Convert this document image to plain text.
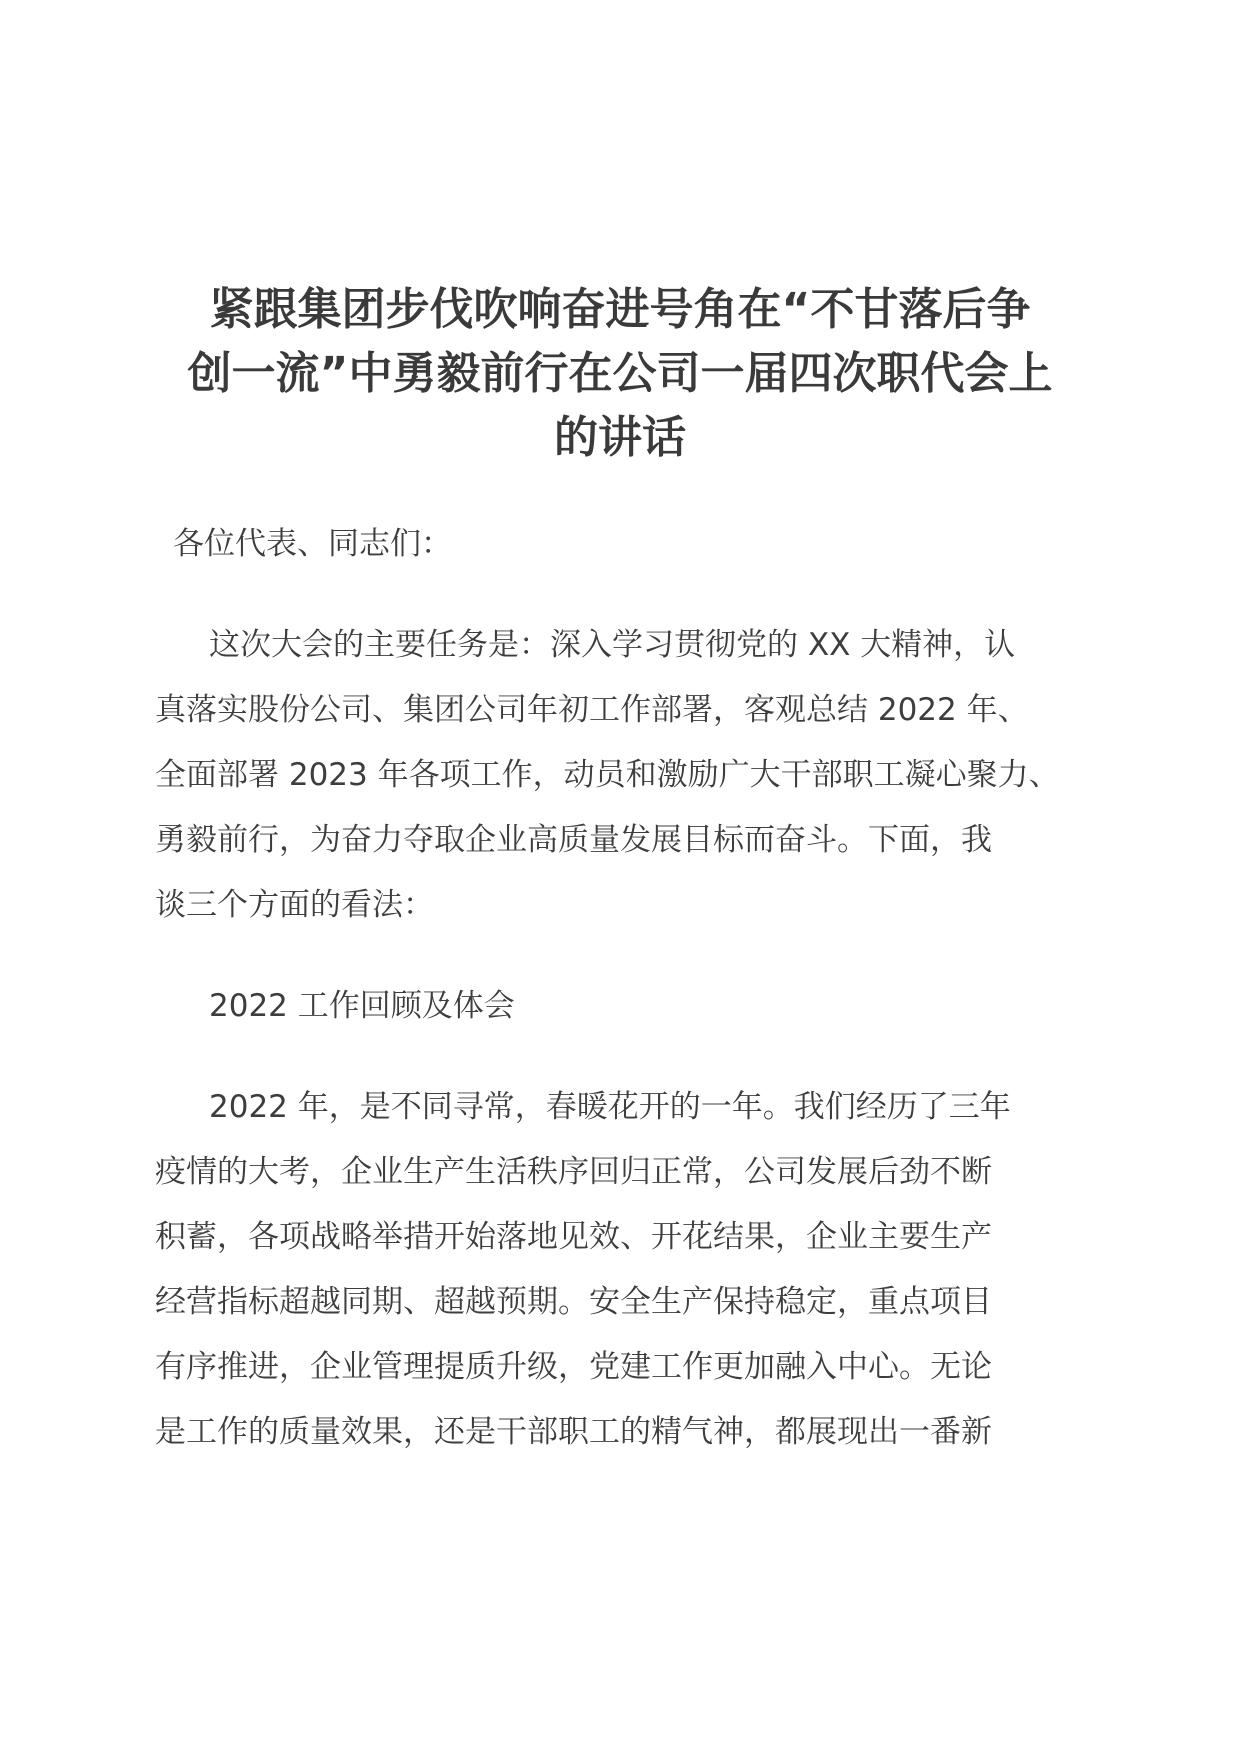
紧跟集团步伐吹响奋进号角在“不甘落后争
创一流”中勇毅前行在公司一届四次职代会上
的讲话

各位代表、同志们：

这次大会的主要任务是：深入学习贯彻党的 XX 大精神，认
真落实股份公司、集团公司年初工作部署，客观总结 2022 年、
全面部署 2023 年各项工作，动员和激励广大干部职工凝心聚力、
勇毅前行，为奋力夺取企业高质量发展目标而奋斗。下面，我
谈三个方面的看法：

2022 工作回顾及体会

2022 年，是不同寻常，春暖花开的一年。我们经历了三年
疫情的大考，企业生产生活秩序回归正常，公司发展后劲不断
积蓄，各项战略举措开始落地见效、开花结果，企业主要生产
经营指标超越同期、超越预期。安全生产保持稳定，重点项目
有序推进，企业管理提质升级，党建工作更加融入中心。无论
是工作的质量效果，还是干部职工的精气神，都展现出一番新
